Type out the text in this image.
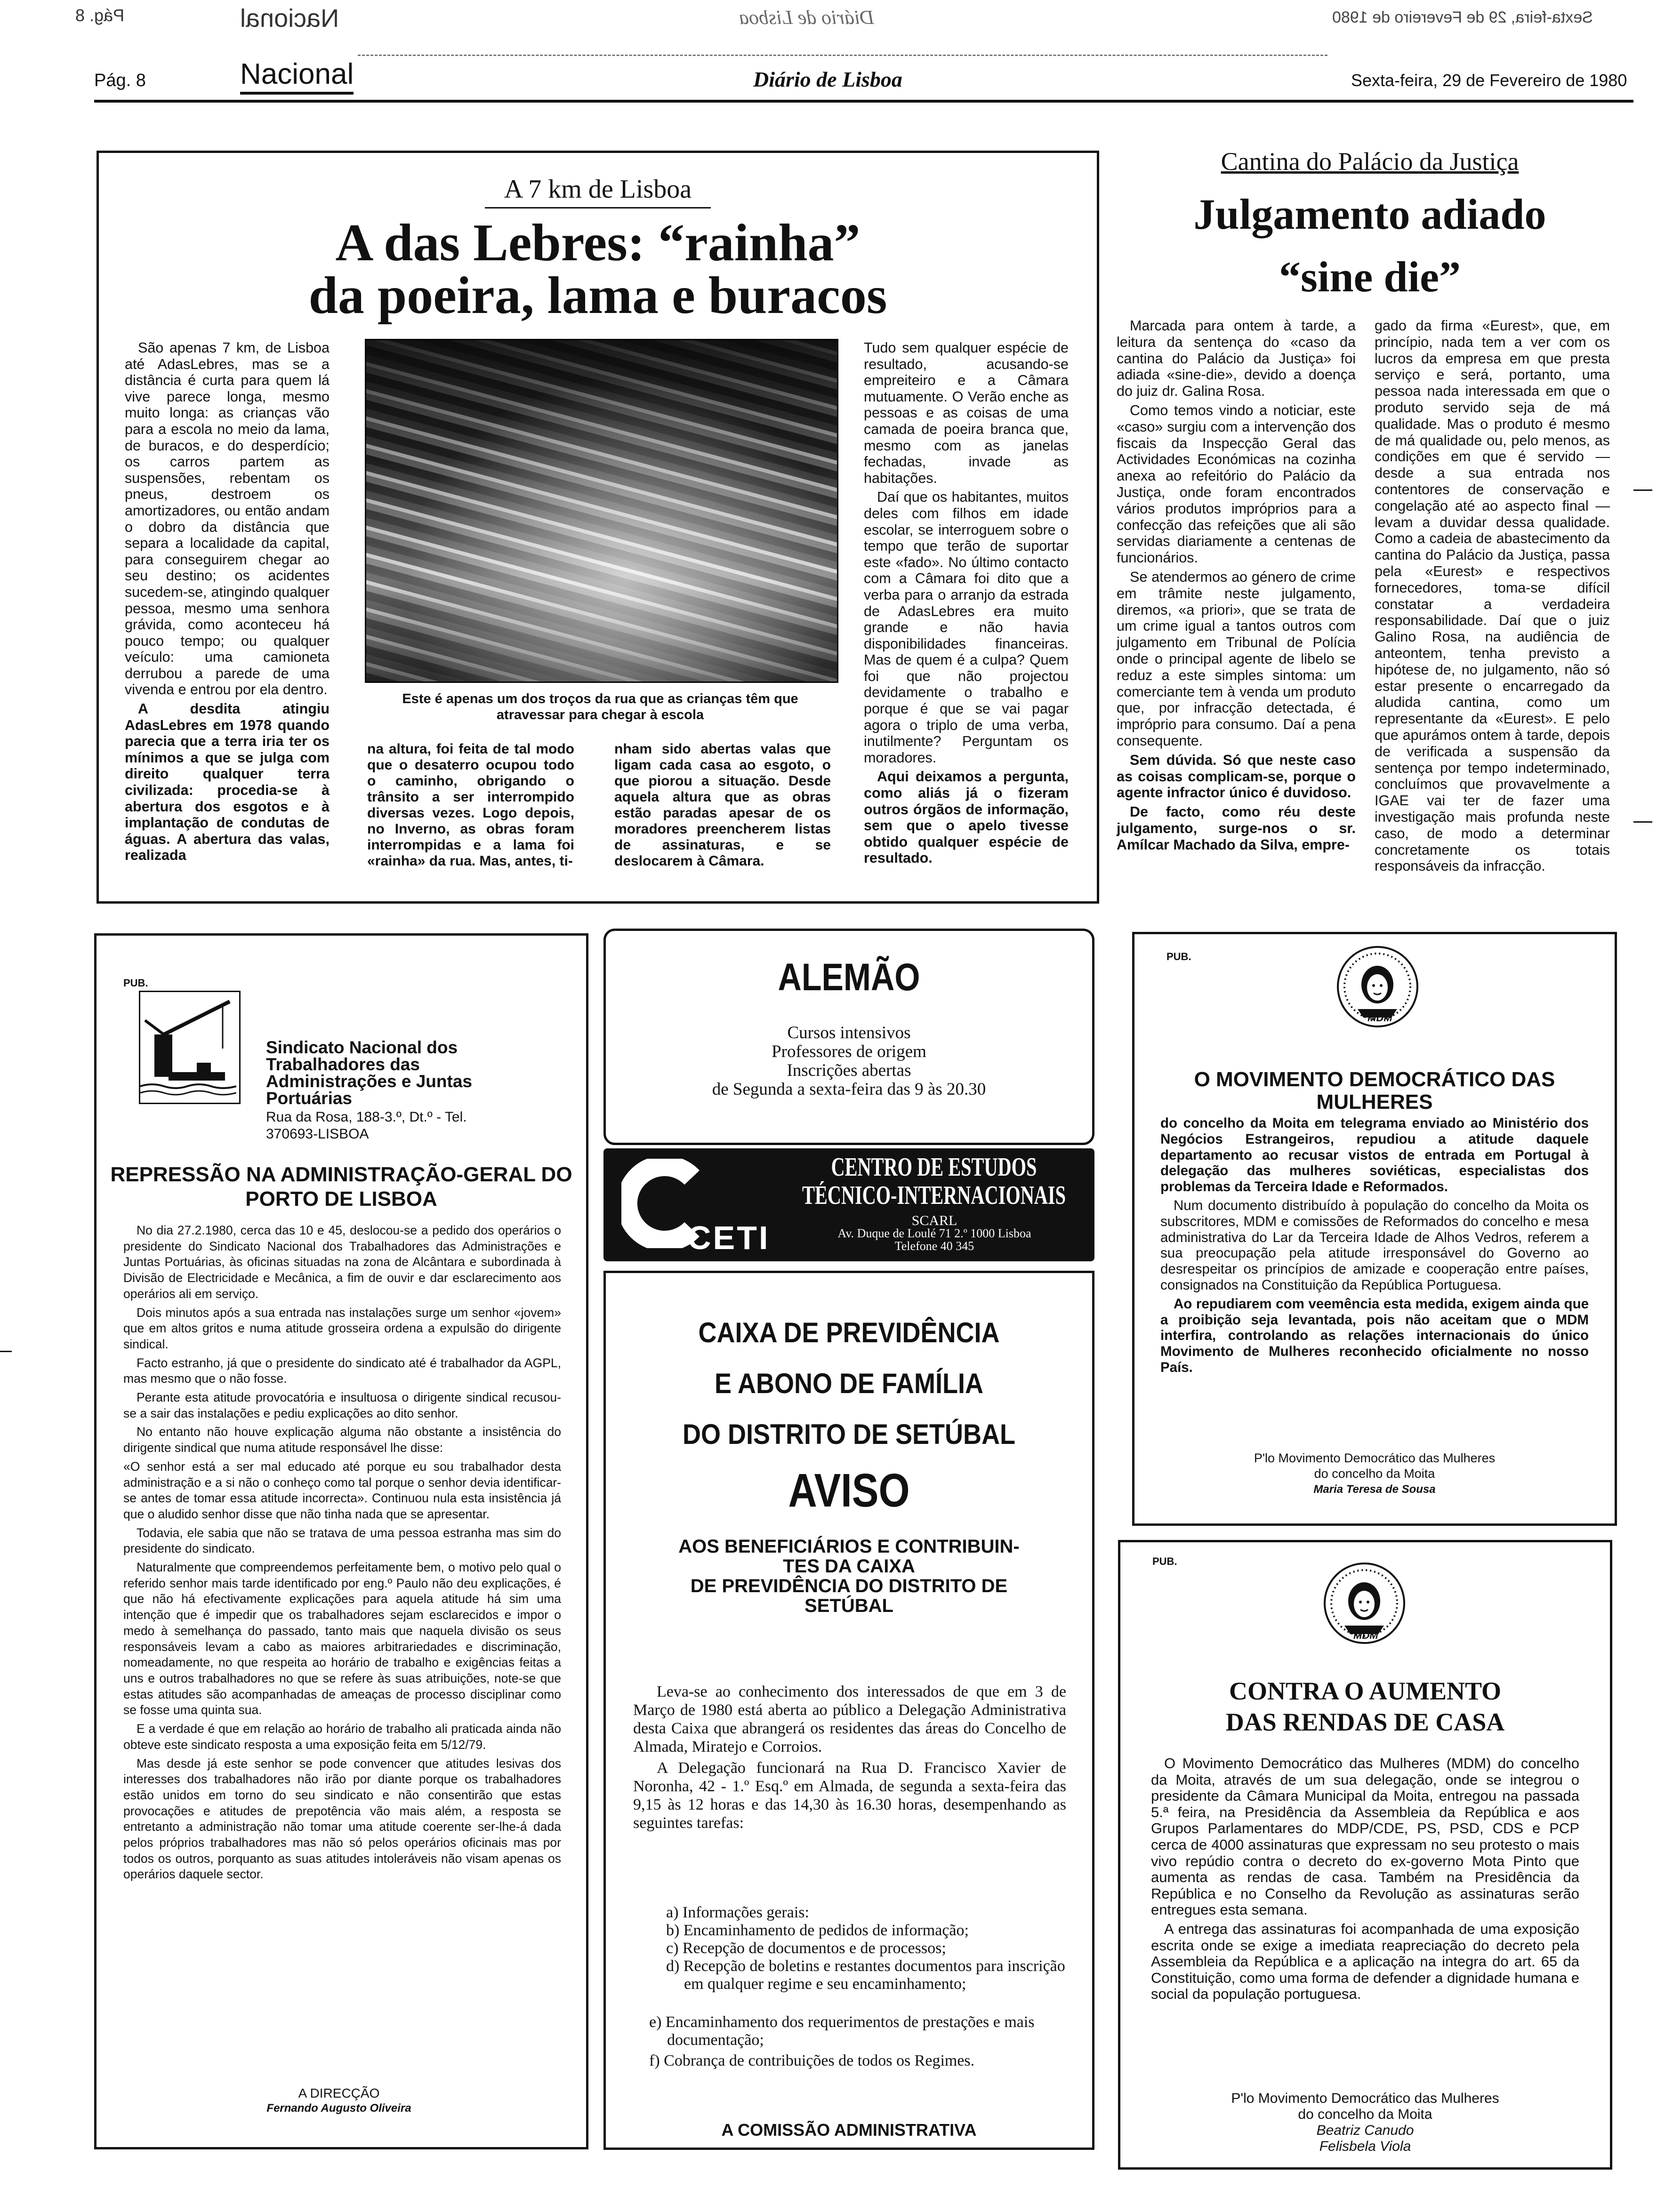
Pág. 8	Nacional	Diário de Lisboa	Sexta-feira, 29 de Fevereiro de 1980
Pág. 8	Nacional	Diário de Lisboa	Sexta-feira, 29 de Fevereiro de 1980
A 7 km de Lisboa
A das Lebres: “rainha”
da poeira, lama e buracos

São apenas 7 km, de Lisboa até AdasLebres, mas se a distância é curta para quem lá vive parece longa, mesmo muito longa: as crianças vão para a escola no meio da lama, de buracos, e do desperdício; os carros partem as suspensões, rebentam os pneus, destroem os amortizadores, ou então andam o dobro da distância que separa a localidade da capital, para conseguirem chegar ao seu destino; os acidentes sucedem-se, atingindo qualquer pessoa, mesmo uma senhora grávida, como aconteceu há pouco tempo; ou qualquer veículo: uma camioneta derrubou a parede de uma vivenda e entrou por ela dentro.

A desdita atingiu AdasLebres em 1978 quando parecia que a terra iria ter os mínimos a que se julga com direito qualquer terra civilizada: procedia-se à abertura dos esgotos e à implantação de condutas de águas. A abertura das valas, realizada

Este é apenas um dos troços da rua que as crianças têm que atravessar para chegar à escola
na altura, foi feita de tal modo que o desaterro ocupou todo o caminho, obrigando o trânsito a ser interrompido diversas vezes. Logo depois, no Inverno, as obras foram interrompidas e a lama foi «rainha» da rua. Mas, antes, ti-
nham sido abertas valas que ligam cada casa ao esgoto, o que piorou a situação. Desde aquela altura que as obras estão paradas apesar de os moradores preencherem listas de assinaturas, e se deslocarem à Câmara.

Tudo sem qualquer espécie de resultado, acusando-se empreiteiro e a Câmara mutuamente. O Verão enche as pessoas e as coisas de uma camada de poeira branca que, mesmo com as janelas fechadas, invade as habitações.

Daí que os habitantes, muitos deles com filhos em idade escolar, se interroguem sobre o tempo que terão de suportar este «fado». No último contacto com a Câmara foi dito que a verba para o arranjo da estrada de AdasLebres era muito grande e não havia disponibilidades financeiras. Mas de quem é a culpa? Quem foi que não projectou devidamente o trabalho e porque é que se vai pagar agora o triplo de uma verba, inutilmente? Perguntam os moradores.

Aqui deixamos a pergunta, como aliás já o fizeram outros órgãos de informação, sem que o apelo tivesse obtido qualquer espécie de resultado.

Cantina do Palácio da Justiça
Julgamento adiado
“sine die”

Marcada para ontem à tarde, a leitura da sentença do «caso da cantina do Palácio da Justiça» foi adiada «sine-die», devido a doença do juiz dr. Galina Rosa.

Como temos vindo a noticiar, este «caso» surgiu com a intervenção dos fiscais da Inspecção Geral das Actividades Económicas na cozinha anexa ao refeitório do Palácio da Justiça, onde foram encontrados vários produtos impróprios para a confecção das refeições que ali são servidas diariamente a centenas de funcionários.

Se atendermos ao género de crime em trâmite neste julgamento, diremos, «a priori», que se trata de um crime igual a tantos outros com julgamento em Tribunal de Polícia onde o principal agente de libelo se reduz a este simples sintoma: um comerciante tem à venda um produto que, por infracção detectada, é impróprio para consumo. Daí a pena consequente.

Sem dúvida. Só que neste caso as coisas complicam-se, porque o agente infractor único é duvidoso.

De facto, como réu deste julgamento, surge-nos o sr. Amílcar Machado da Silva, empre-

gado da firma «Eurest», que, em princípio, nada tem a ver com os lucros da empresa em que presta serviço e será, portanto, uma pessoa nada interessada em que o produto servido seja de má qualidade. Mas o produto é mesmo de má qualidade ou, pelo menos, as condições em que é servido — desde a sua entrada nos contentores de conservação e congelação até ao aspecto final — levam a duvidar dessa qualidade. Como a cadeia de abastecimento da cantina do Palácio da Justiça, passa pela «Eurest» e respectivos fornecedores, toma-se difícil constatar a verdadeira responsabilidade. Daí que o juiz Galino Rosa, na audiência de anteontem, tenha previsto a hipótese de, no julgamento, não só estar presente o encarregado da aludida cantina, como um representante da «Eurest». E pelo que apurámos ontem à tarde, depois de verificada a suspensão da sentença por tempo indeterminado, concluímos que provavelmente a IGAE vai ter de fazer uma investigação mais profunda neste caso, de modo a determinar concretamente os totais responsáveis da infracção.

PUB.
Sindicato Nacional dos
Trabalhadores das
Administrações e Juntas
Portuárias
Rua da Rosa, 188-3.º, Dt.º - Tel.
370693-LISBOA
REPRESSÃO NA ADMINISTRAÇÃO-GERAL DO
PORTO DE LISBOA

No dia 27.2.1980, cerca das 10 e 45, deslocou-se a pedido dos operários o presidente do Sindicato Nacional dos Trabalhadores das Administrações e Juntas Portuárias, às oficinas situadas na zona de Alcântara e subordinada à Divisão de Electricidade e Mecânica, a fim de ouvir e dar esclarecimento aos operários ali em serviço.

Dois minutos após a sua entrada nas instalações surge um senhor «jovem» que em altos gritos e numa atitude grosseira ordena a expulsão do dirigente sindical.

Facto estranho, já que o presidente do sindicato até é trabalhador da AGPL, mas mesmo que o não fosse.

Perante esta atitude provocatória e insultuosa o dirigente sindical recusou-se a sair das instalações e pediu explicações ao dito senhor.

No entanto não houve explicação alguma não obstante a insistência do dirigente sindical que numa atitude responsável lhe disse:

«O senhor está a ser mal educado até porque eu sou trabalhador desta administração e a si não o conheço como tal porque o senhor devia identificar-se antes de tomar essa atitude incorrecta». Continuou nula esta insistência já que o aludido senhor disse que não tinha nada que se apresentar.

Todavia, ele sabia que não se tratava de uma pessoa estranha mas sim do presidente do sindicato.

Naturalmente que compreendemos perfeitamente bem, o motivo pelo qual o referido senhor mais tarde identificado por eng.º Paulo não deu explicações, é que não há efectivamente explicações para aquela atitude há sim uma intenção que é impedir que os trabalhadores sejam esclarecidos e impor o medo à semelhança do passado, tanto mais que naquela divisão os seus responsáveis levam a cabo as maiores arbitrariedades e discriminação, nomeadamente, no que respeita ao horário de trabalho e exigências feitas a uns e outros trabalhadores no que se refere às suas atribuições, note-se que estas atitudes são acompanhadas de ameaças de processo disciplinar como se fosse uma quinta sua.

E a verdade é que em relação ao horário de trabalho ali praticada ainda não obteve este sindicato resposta a uma exposição feita em 5/12/79.

Mas desde já este senhor se pode convencer que atitudes lesivas dos interesses dos trabalhadores não irão por diante porque os trabalhadores estão unidos em torno do seu sindicato e não consentirão que estas provocações e atitudes de prepotência vão mais além, a resposta se entretanto a administração não tomar uma atitude coerente ser-lhe-á dada pelos próprios trabalhadores mas não só pelos operários oficinais mas por todos os outros, porquanto as suas atitudes intoleráveis não visam apenas os operários daquele sector.

A DIRECÇÃO
Fernando Augusto Oliveira
ALEMÃO
Cursos intensivos
Professores de origem
Inscrições abertas
de Segunda a sexta-feira das 9 às 20.30
CETI
CENTRO DE ESTUDOS
TÉCNICO-INTERNACIONAIS
SCARL
Av. Duque de Loulé 71 2.º 1000 Lisboa
Telefone 40 345
CAIXA DE PREVIDÊNCIA
E ABONO DE FAMÍLIA
DO DISTRITO DE SETÚBAL
AVISO
AOS BENEFICIÁRIOS E CONTRIBUIN-
TES DA CAIXA
DE PREVIDÊNCIA DO DISTRITO DE
SETÚBAL

Leva-se ao conhecimento dos interessados de que em 3 de Março de 1980 está aberta ao público a Delegação Administrativa desta Caixa que abrangerá os residentes das áreas do Concelho de Almada, Miratejo e Corroios.

A Delegação funcionará na Rua D. Francisco Xavier de Noronha, 42 - 1.º Esq.º em Almada, de segunda a sexta-feira das 9,15 às 12 horas e das 14,30 às 16.30 horas, desempenhando as seguintes tarefas:

a) Informações gerais:
b) Encaminhamento de pedidos de informação;
c) Recepção de documentos e de processos;
d) Recepção de boletins e restantes documentos para inscrição em qualquer regime e seu encaminhamento;
e) Encaminhamento dos requerimentos de prestações e mais documentação;
f) Cobrança de contribuições de todos os Regimes.
A COMISSÃO ADMINISTRATIVA
PUB.
MDM
O MOVIMENTO DEMOCRÁTICO DAS
MULHERES

do concelho da Moita em telegrama enviado ao Ministério dos Negócios Estrangeiros, repudiou a atitude daquele departamento ao recusar vistos de entrada em Portugal à delegação das mulheres soviéticas, especialistas dos problemas da Terceira Idade e Reformados.

Num documento distribuído à população do concelho da Moita os subscritores, MDM e comissões de Reformados do concelho e mesa administrativa do Lar da Terceira Idade de Alhos Vedros, referem a sua preocupação pela atitude irresponsável do Governo ao desrespeitar os princípios de amizade e cooperação entre países, consignados na Constituição da República Portuguesa.

Ao repudiarem com veemência esta medida, exigem ainda que a proibição seja levantada, pois não aceitam que o MDM interfira, controlando as relações internacionais do único Movimento de Mulheres reconhecido oficialmente no nosso País.

P'lo Movimento Democrático das Mulheres
do concelho da Moita
Maria Teresa de Sousa
PUB.
MDM
CONTRA O AUMENTO
DAS RENDAS DE CASA

O Movimento Democrático das Mulheres (MDM) do concelho da Moita, através de um sua delegação, onde se integrou o presidente da Câmara Municipal da Moita, entregou na passada 5.ª feira, na Presidência da Assembleia da República e aos Grupos Parlamentares do MDP/CDE, PS, PSD, CDS e PCP cerca de 4000 assinaturas que expressam no seu protesto o mais vivo repúdio contra o decreto do ex-governo Mota Pinto que aumenta as rendas de casa. Também na Presidência da República e no Conselho da Revolução as assinaturas serão entregues esta semana.

A entrega das assinaturas foi acompanhada de uma exposição escrita onde se exige a imediata reapreciação do decreto pela Assembleia da República e a aplicação na integra do art. 65 da Constituição, como uma forma de defender a dignidade humana e social da população portuguesa.

P'lo Movimento Democrático das Mulheres
do concelho da Moita
Beatriz Canudo
Felisbela Viola
